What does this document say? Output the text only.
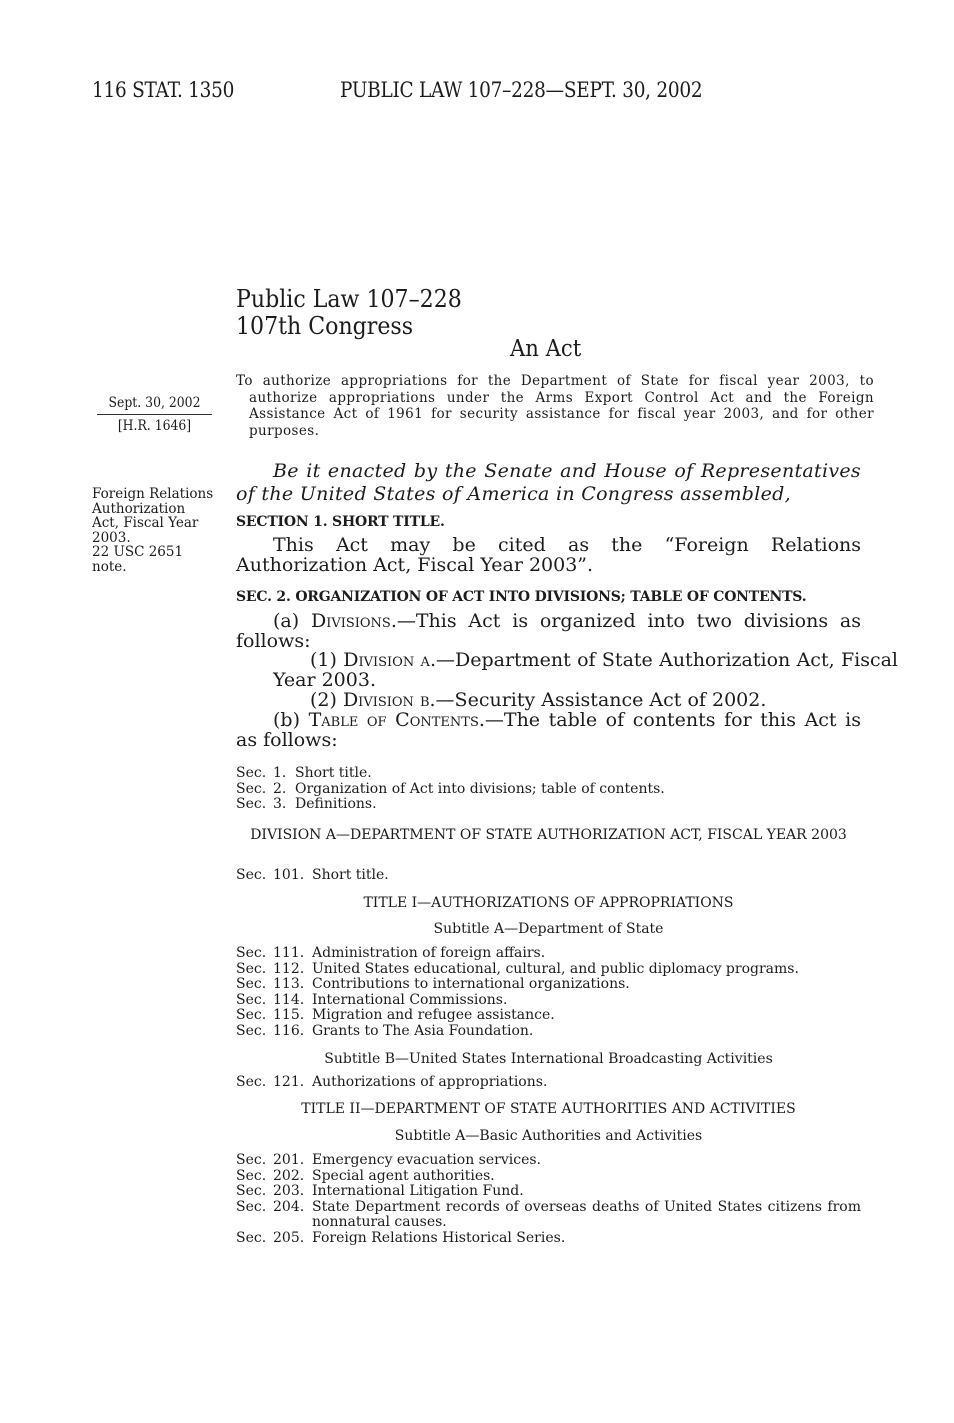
116 STAT. 1350	PUBLIC LAW 107–228—SEPT. 30, 2002
Public Law 107–228
107th Congress
An Act
Sept. 30, 2002
[H.R. 1646]
To authorize appropriations for the Department of State for fiscal year 2003, to authorize appropriations under the Arms Export Control Act and the Foreign Assistance Act of 1961 for security assistance for fiscal year 2003, and for other purposes.
Foreign Relations
Authorization
Act, Fiscal Year
2003.
22 USC 2651
note.
Be it enacted by the Senate and House of Representatives of the United States of America in Congress assembled,
SECTION 1. SHORT TITLE.
This Act may be cited as the “Foreign Relations Authorization Act, Fiscal Year 2003”.
SEC. 2. ORGANIZATION OF ACT INTO DIVISIONS; TABLE OF CONTENTS.
(a) Divisions.—This Act is organized into two divisions as follows:
(1) Division a.—Department of State Authorization Act, Fiscal Year 2003.
(2) Division b.—Security Assistance Act of 2002.
(b) Table of Contents.—The table of contents for this Act is as follows:
Sec. 1. Short title.
Sec. 2. Organization of Act into divisions; table of contents.
Sec. 3. Definitions.
DIVISION A—DEPARTMENT OF STATE AUTHORIZATION ACT, FISCAL YEAR 2003
Sec. 101. Short title.
TITLE I—AUTHORIZATIONS OF APPROPRIATIONS
Subtitle A—Department of State
Sec. 111. Administration of foreign affairs.
Sec. 112. United States educational, cultural, and public diplomacy programs.
Sec. 113. Contributions to international organizations.
Sec. 114. International Commissions.
Sec. 115. Migration and refugee assistance.
Sec. 116. Grants to The Asia Foundation.
Subtitle B—United States International Broadcasting Activities
Sec. 121. Authorizations of appropriations.
TITLE II—DEPARTMENT OF STATE AUTHORITIES AND ACTIVITIES
Subtitle A—Basic Authorities and Activities
Sec. 201. Emergency evacuation services.
Sec. 202. Special agent authorities.
Sec. 203. International Litigation Fund.
Sec. 204. State Department records of overseas deaths of United States citizens from nonnatural causes.
Sec. 205. Foreign Relations Historical Series.
